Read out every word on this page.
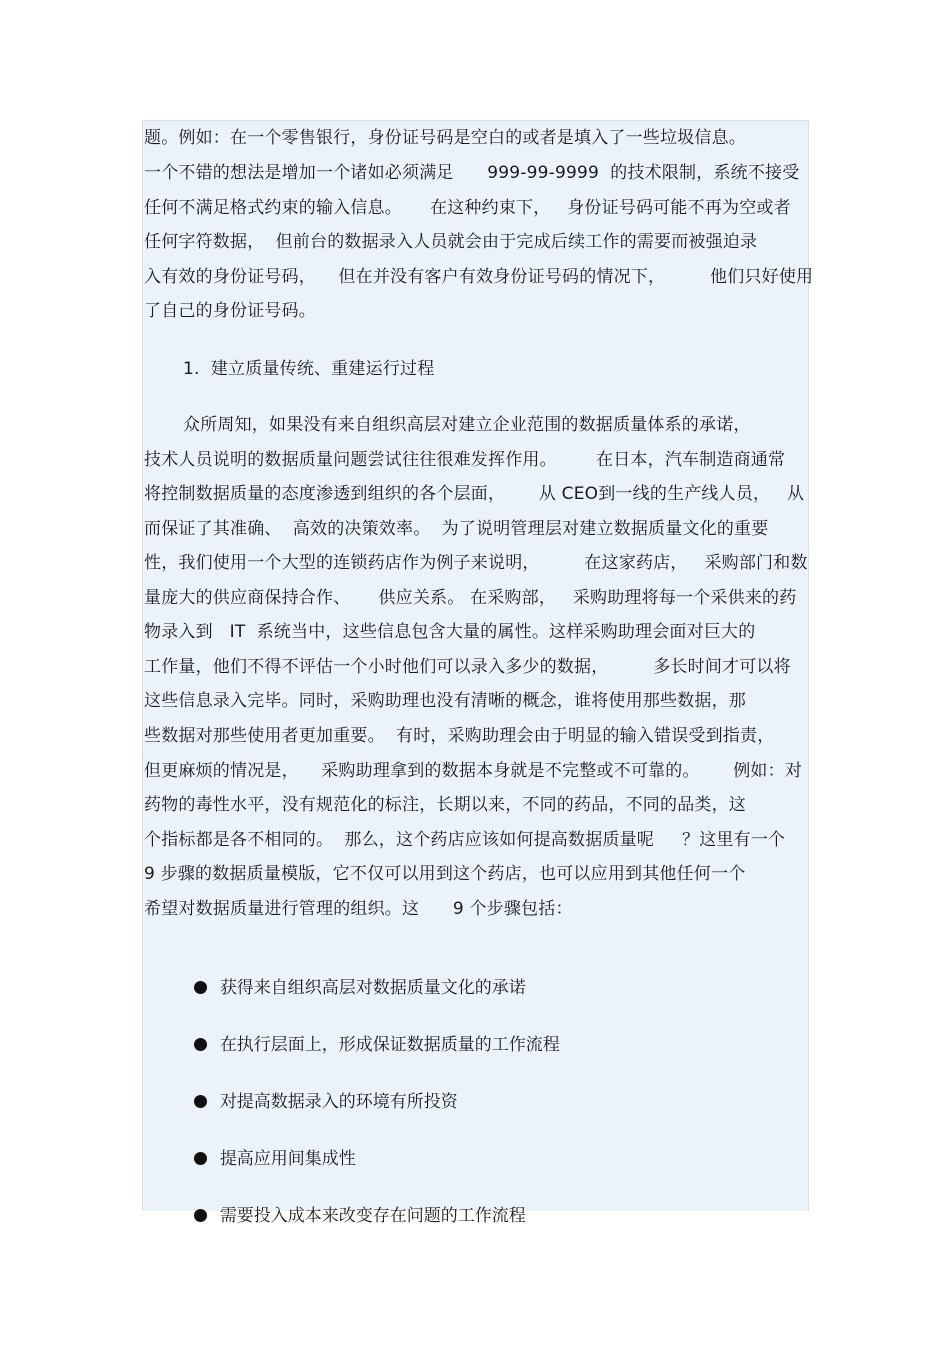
题。例如：在一个零售银行，身份证号码是空白的或者是填入了一些垃圾信息。
一个不错的想法是增加一个诸如必须满足      999-99-9999  的技术限制，系统不接受
任何不满足格式约束的输入信息。     在这种约束下，   身份证号码可能不再为空或者
任何字符数据，  但前台的数据录入人员就会由于完成后续工作的需要而被强迫录
入有效的身份证号码，    但在并没有客户有效身份证号码的情况下，        他们只好使用
了自己的身份证号码。
1.  建立质量传统、重建运行过程
众所周知，如果没有来自组织高层对建立企业范围的数据质量体系的承诺，
技术人员说明的数据质量问题尝试往往很难发挥作用。       在日本，汽车制造商通常
将控制数据质量的态度渗透到组织的各个层面，      从 CEO到一线的生产线人员，   从
而保证了其准确、  高效的决策效率。  为了说明管理层对建立数据质量文化的重要
性，我们使用一个大型的连锁药店作为例子来说明，        在这家药店，   采购部门和数
量庞大的供应商保持合作、     供应关系。 在采购部，   采购助理将每一个采供来的药
物录入到   IT  系统当中，这些信息包含大量的属性。这样采购助理会面对巨大的
工作量，他们不得不评估一个小时他们可以录入多少的数据，        多长时间才可以将
这些信息录入完毕。同时，采购助理也没有清晰的概念，谁将使用那些数据，那
些数据对那些使用者更加重要。  有时，采购助理会由于明显的输入错误受到指责，
但更麻烦的情况是，    采购助理拿到的数据本身就是不完整或不可靠的。      例如：对
药物的毒性水平，没有规范化的标注，长期以来，不同的药品，不同的品类，这
个指标都是各不相同的。  那么，这个药店应该如何提高数据质量呢     ？这里有一个
9 步骤的数据质量模版，它不仅可以用到这个药店，也可以应用到其他任何一个
希望对数据质量进行管理的组织。这      9 个步骤包括：

获得来自组织高层对数据质量文化的承诺

在执行层面上，形成保证数据质量的工作流程

对提高数据录入的环境有所投资

提高应用间集成性

需要投入成本来改变存在问题的工作流程
